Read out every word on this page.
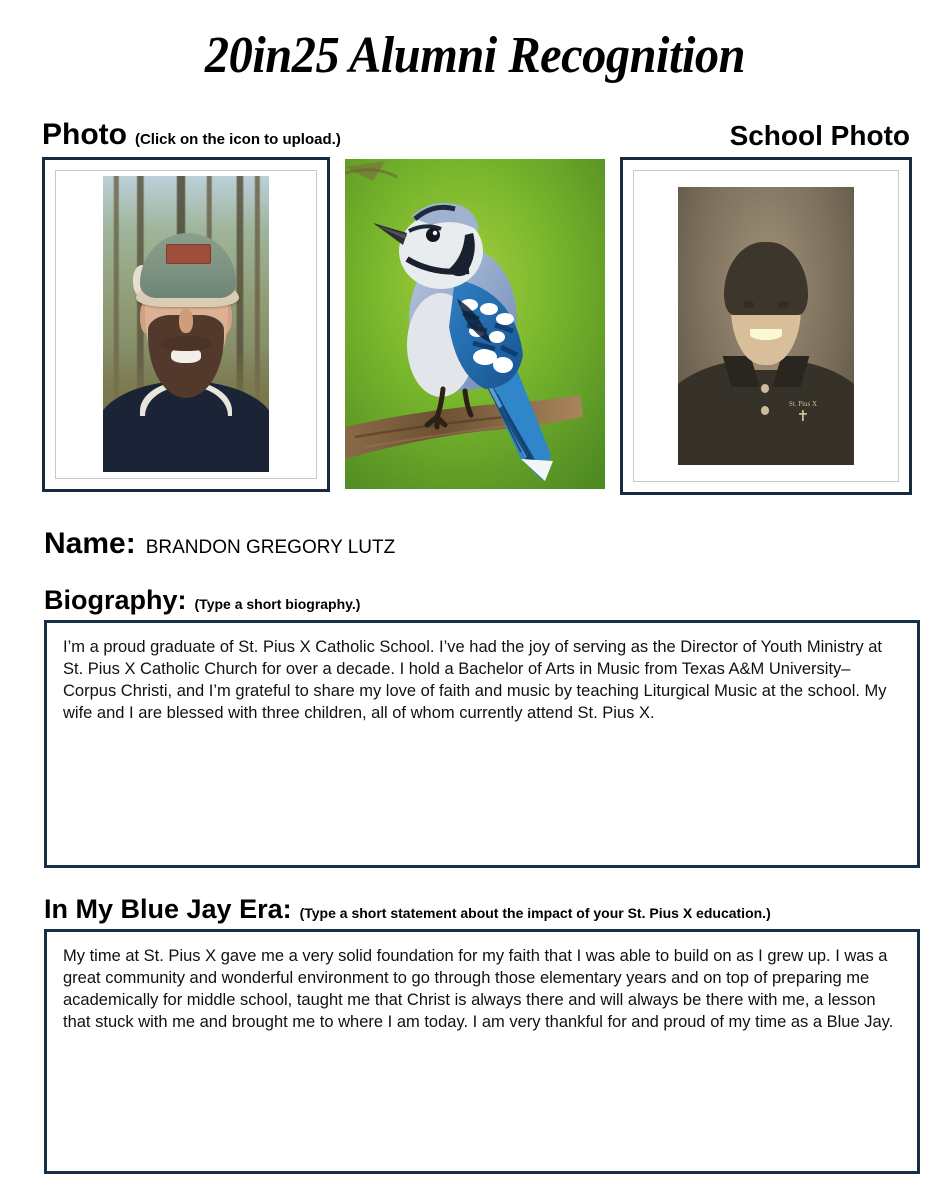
20in25 Alumni Recognition
Photo (Click on the icon to upload.)	School Photo
St. Pius X
✝
Name: BRANDON GREGORY LUTZ
Biography: (Type a short biography.)
I’m a proud graduate of St. Pius X Catholic School. I’ve had the joy of serving as the Director of Youth Ministry at St. Pius X Catholic Church for over a decade. I hold a Bachelor of Arts in Music from Texas A&M University–Corpus Christi, and I’m grateful to share my love of faith and music by teaching Liturgical Music at the school. My wife and I are blessed with three children, all of whom currently attend St. Pius X.
In My Blue Jay Era: (Type a short statement about the impact of your St. Pius X education.)
My time at St. Pius X gave me a very solid foundation for my faith that I was able to build on as I grew up. I was a great community and wonderful environment to go through those elementary years and on top of preparing me academically for middle school, taught me that Christ is always there and will always be there with me, a lesson that stuck with me and brought me to where I am today. I am very thankful for and proud of my time as a Blue Jay.
